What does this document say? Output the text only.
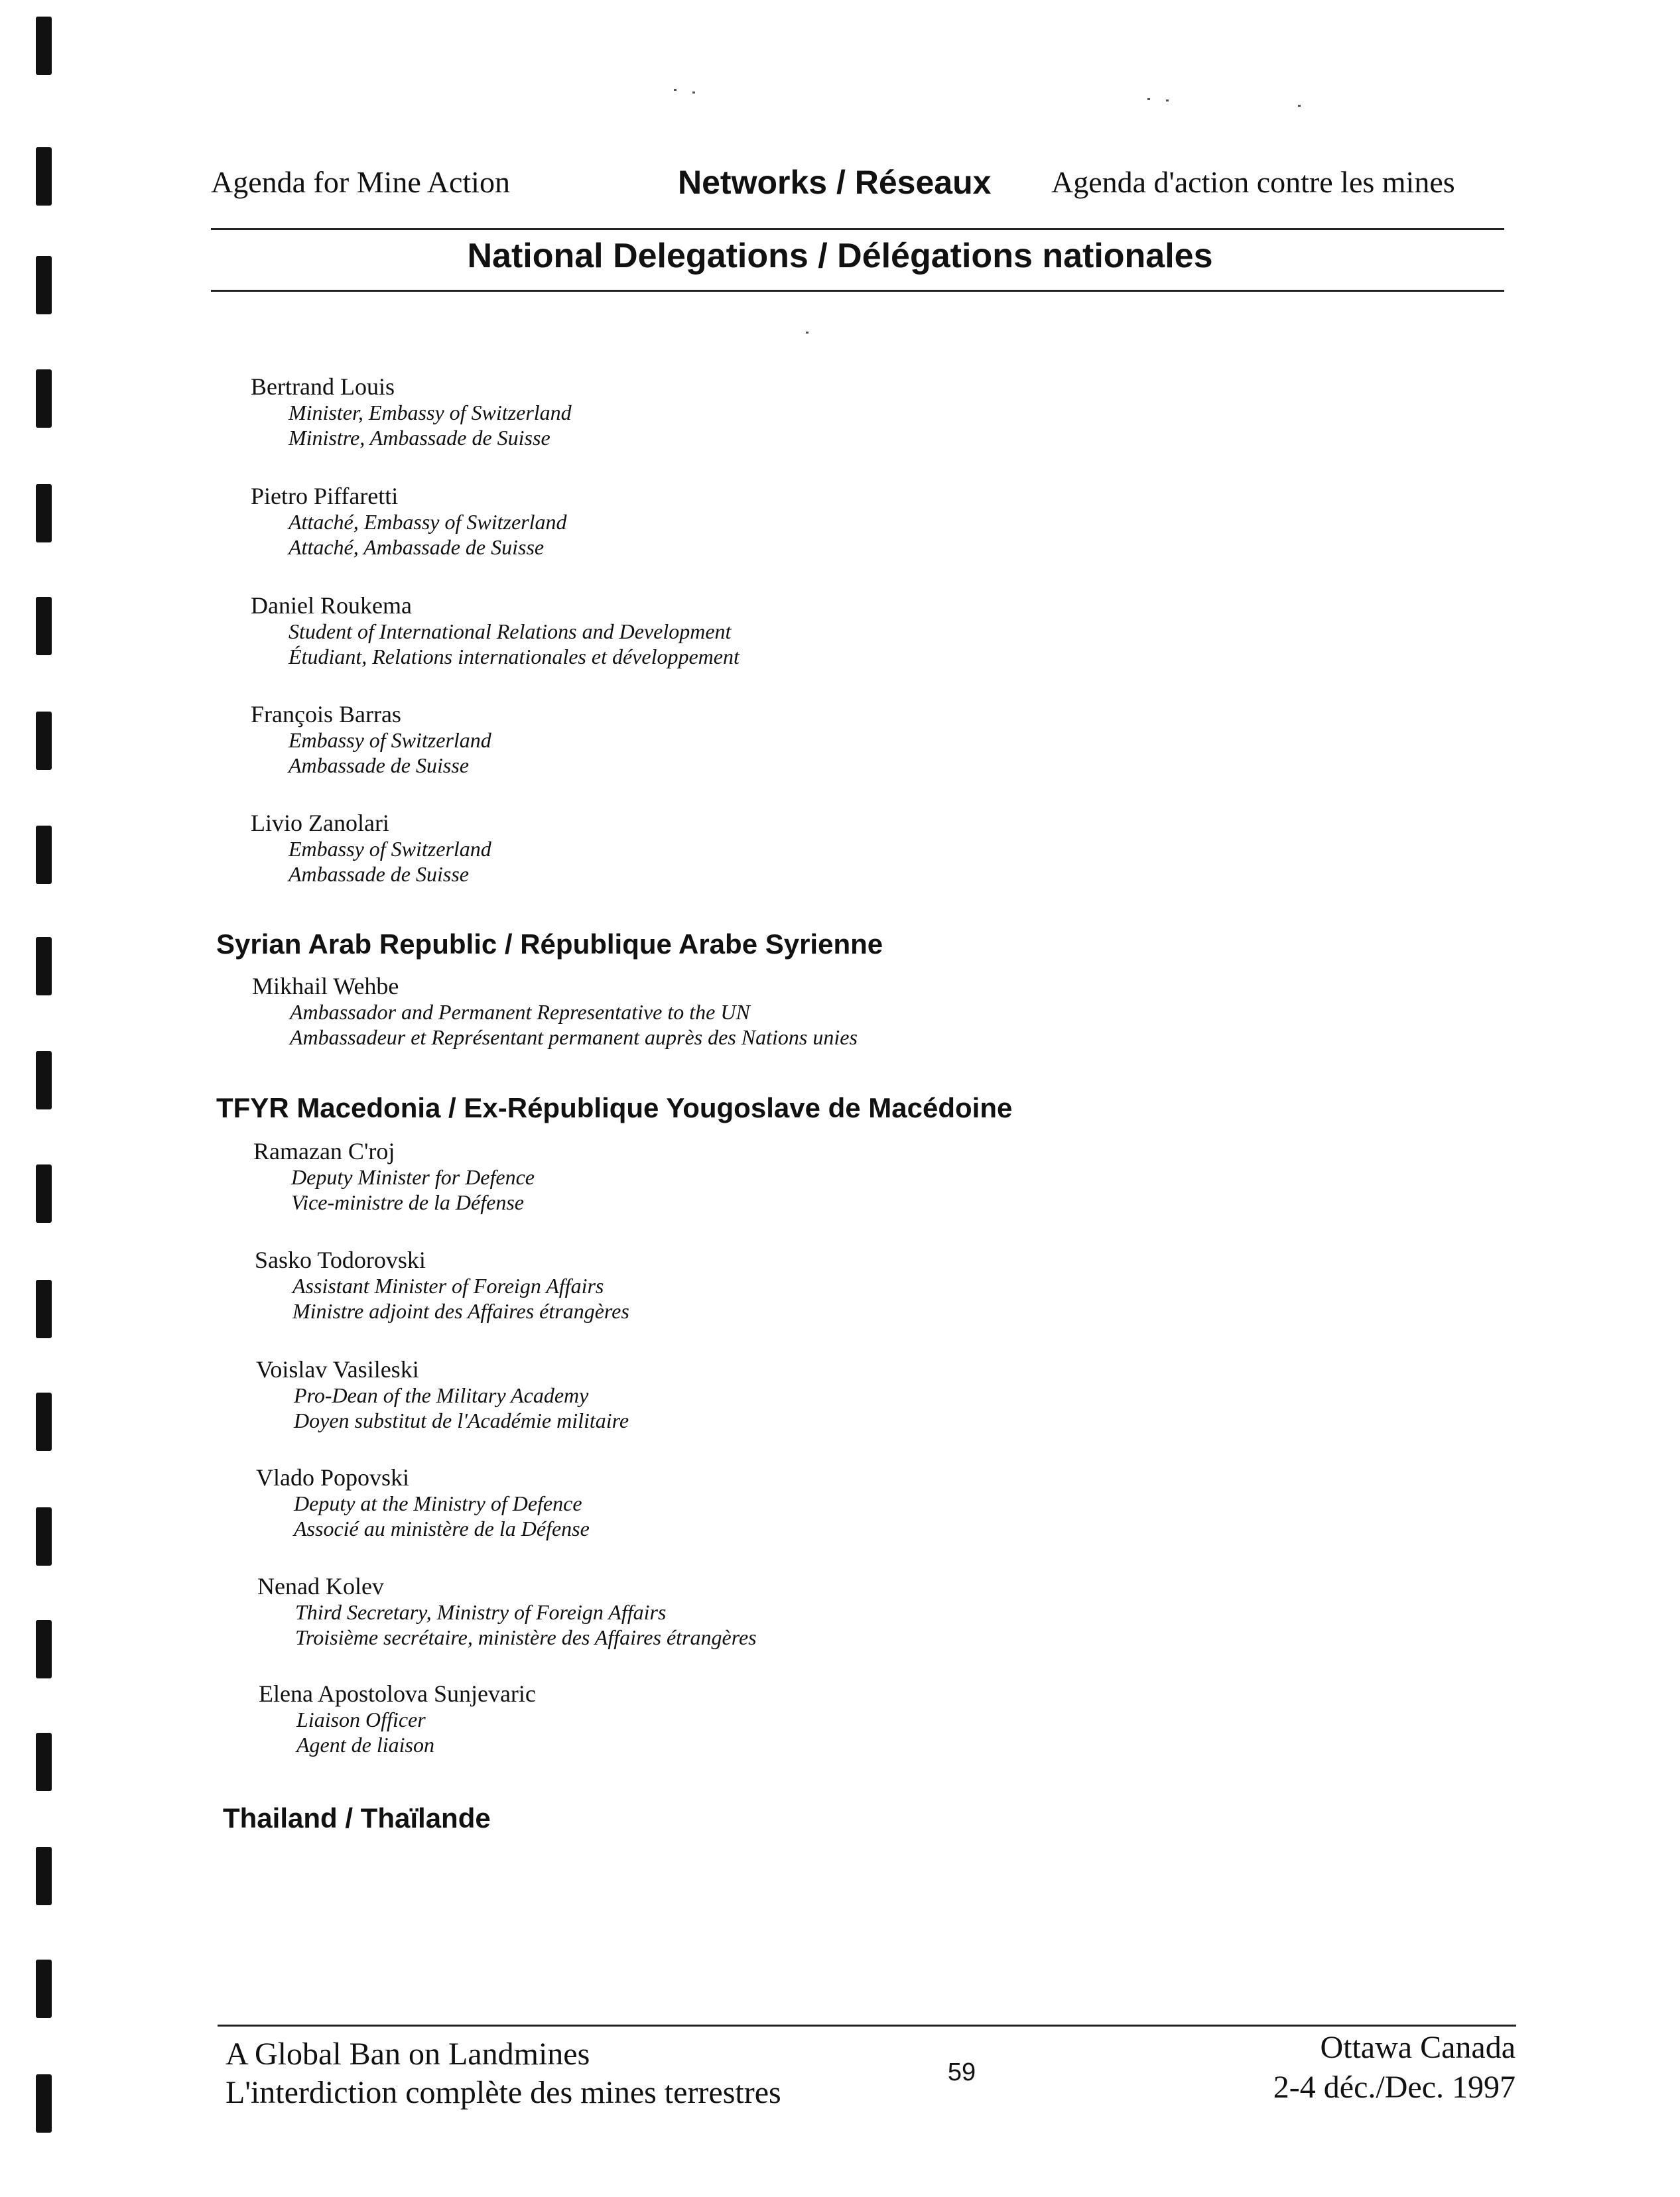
Agenda for Mine Action	Networks / Réseaux Agenda d'action contre les mines
National Delegations / Délégations nationales
Bertrand Louis
Minister, Embassy of Switzerland
Ministre, Ambassade de Suisse
Pietro Piffaretti
Attaché, Embassy of Switzerland
Attaché, Ambassade de Suisse
Daniel Roukema
Student of International Relations and Development
Étudiant, Relations internationales et développement
François Barras
Embassy of Switzerland
Ambassade de Suisse
Livio Zanolari
Embassy of Switzerland
Ambassade de Suisse
Syrian Arab Republic / République Arabe Syrienne
Mikhail Wehbe
Ambassador and Permanent Representative to the UN
Ambassadeur et Représentant permanent auprès des Nations unies
TFYR Macedonia / Ex-République Yougoslave de Macédoine
Ramazan C'roj
Deputy Minister for Defence
Vice-ministre de la Défense
Sasko Todorovski
Assistant Minister of Foreign Affairs
Ministre adjoint des Affaires étrangères
Voislav Vasileski
Pro-Dean of the Military Academy
Doyen substitut de l'Académie militaire
Vlado Popovski
Deputy at the Ministry of Defence
Associé au ministère de la Défense
Nenad Kolev
Third Secretary, Ministry of Foreign Affairs
Troisième secrétaire, ministère des Affaires étrangères
Elena Apostolova Sunjevaric
Liaison Officer
Agent de liaison
Thailand / Thaïlande
A Global Ban on Landmines
L'interdiction complète des mines terrestres
59
Ottawa Canada
2-4 déc./Dec. 1997
